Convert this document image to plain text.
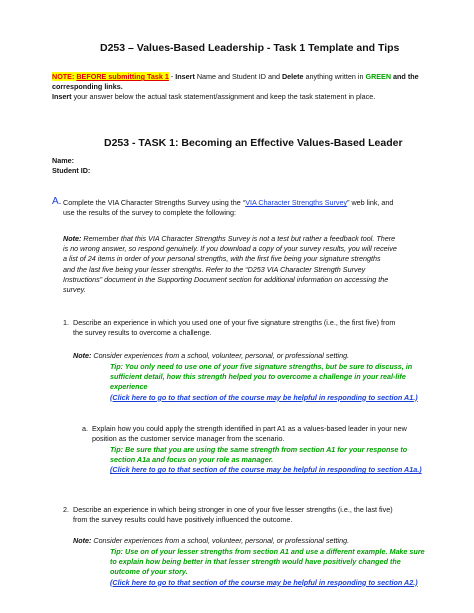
D253 – Values-Based Leadership - Task 1 Template and Tips
NOTE: BEFORE submitting Task 1 - Insert Name and Student ID and Delete anything written in GREEN and the
corresponding links.
Insert your answer below the actual task statement/assignment and keep the task statement in place.
D253 - TASK 1: Becoming an Effective Values-Based Leader
Name:
Student ID:
A. Complete the VIA Character Strengths Survey using the “VIA Character Strengths Survey” web link, and
use the results of the survey to complete the following:
Note: Remember that this VIA Character Strengths Survey is not a test but rather a feedback tool. There
is no wrong answer, so respond genuinely. If you download a copy of your survey results, you will receive
a list of 24 items in order of your personal strengths, with the first five being your signature strengths
and the last five being your lesser strengths. Refer to the “D253 VIA Character Strength Survey
Instructions” document in the Supporting Document section for additional information on accessing the
survey.
1. Describe an experience in which you used one of your five signature strengths (i.e., the first five) from
the survey results to overcome a challenge.
Note: Consider experiences from a school, volunteer, personal, or professional setting.
Tip: You only need to use one of your five signature strengths, but be sure to discuss, in
sufficient detail, how this strength helped you to overcome a challenge in your real-life
experience
(Click here to go to that section of the course may be helpful in responding to section A1.)
a. Explain how you could apply the strength identified in part A1 as a values-based leader in your new
position as the customer service manager from the scenario.
Tip: Be sure that you are using the same strength from section A1 for your response to
section A1a and focus on your role as manager.
(Click here to go to that section of the course may be helpful in responding to section A1a.)
2. Describe an experience in which being stronger in one of your five lesser strengths (i.e., the last five)
from the survey results could have positively influenced the outcome.
Note: Consider experiences from a school, volunteer, personal, or professional setting.
Tip: Use on of your lesser strengths from section A1 and use a different example. Make sure
to explain how being better in that lesser strength would have positively changed the
outcome of your story.
(Click here to go to that section of the course may be helpful in responding to section A2.)
